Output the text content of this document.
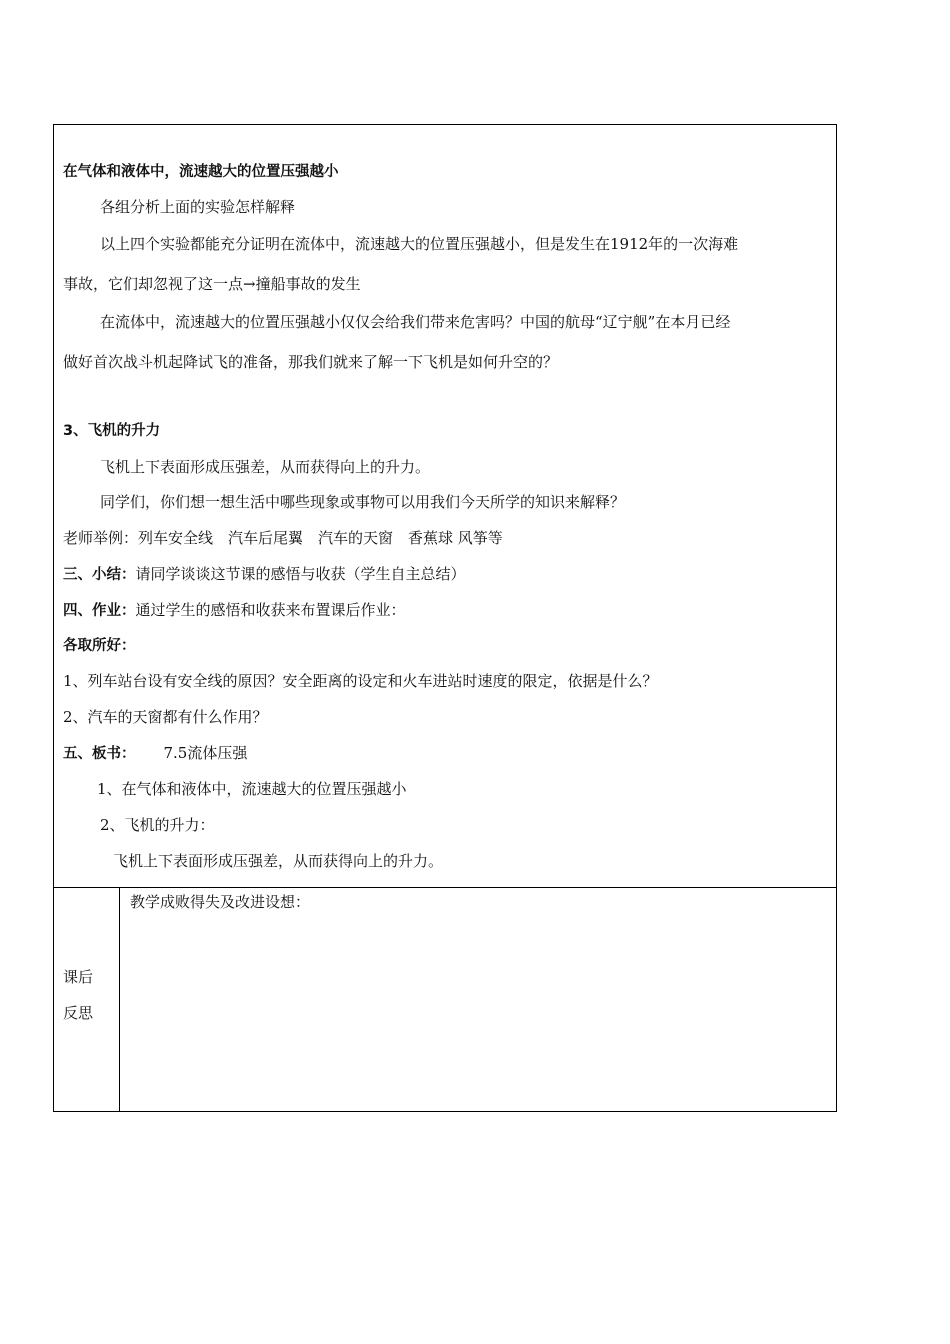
在气体和液体中，流速越大的位置压强越小
各组分析上面的实验怎样解释
以上四个实验都能充分证明在流体中，流速越大的位置压强越小，但是发生在1912年的一次海难
事故，它们却忽视了这一点→撞船事故的发生
在流体中，流速越大的位置压强越小仅仅会给我们带来危害吗？中国的航母“辽宁舰”在本月已经
做好首次战斗机起降试飞的准备，那我们就来了解一下飞机是如何升空的？
3、飞机的升力
飞机上下表面形成压强差，从而获得向上的升力。
同学们，你们想一想生活中哪些现象或事物可以用我们今天所学的知识来解释？
老师举例：列车安全线　汽车后尾翼　汽车的天窗　香蕉球 风筝等
三、小结：请同学谈谈这节课的感悟与收获（学生自主总结）
四、作业：通过学生的感悟和收获来布置课后作业：
各取所好：
1、列车站台设有安全线的原因？安全距离的设定和火车进站时速度的限定，依据是什么？
2、汽车的天窗都有什么作用？
五、板书： 7.5流体压强
1、在气体和液体中，流速越大的位置压强越小
2、飞机的升力：
飞机上下表面形成压强差，从而获得向上的升力。
课后
反思
教学成败得失及改进设想：
